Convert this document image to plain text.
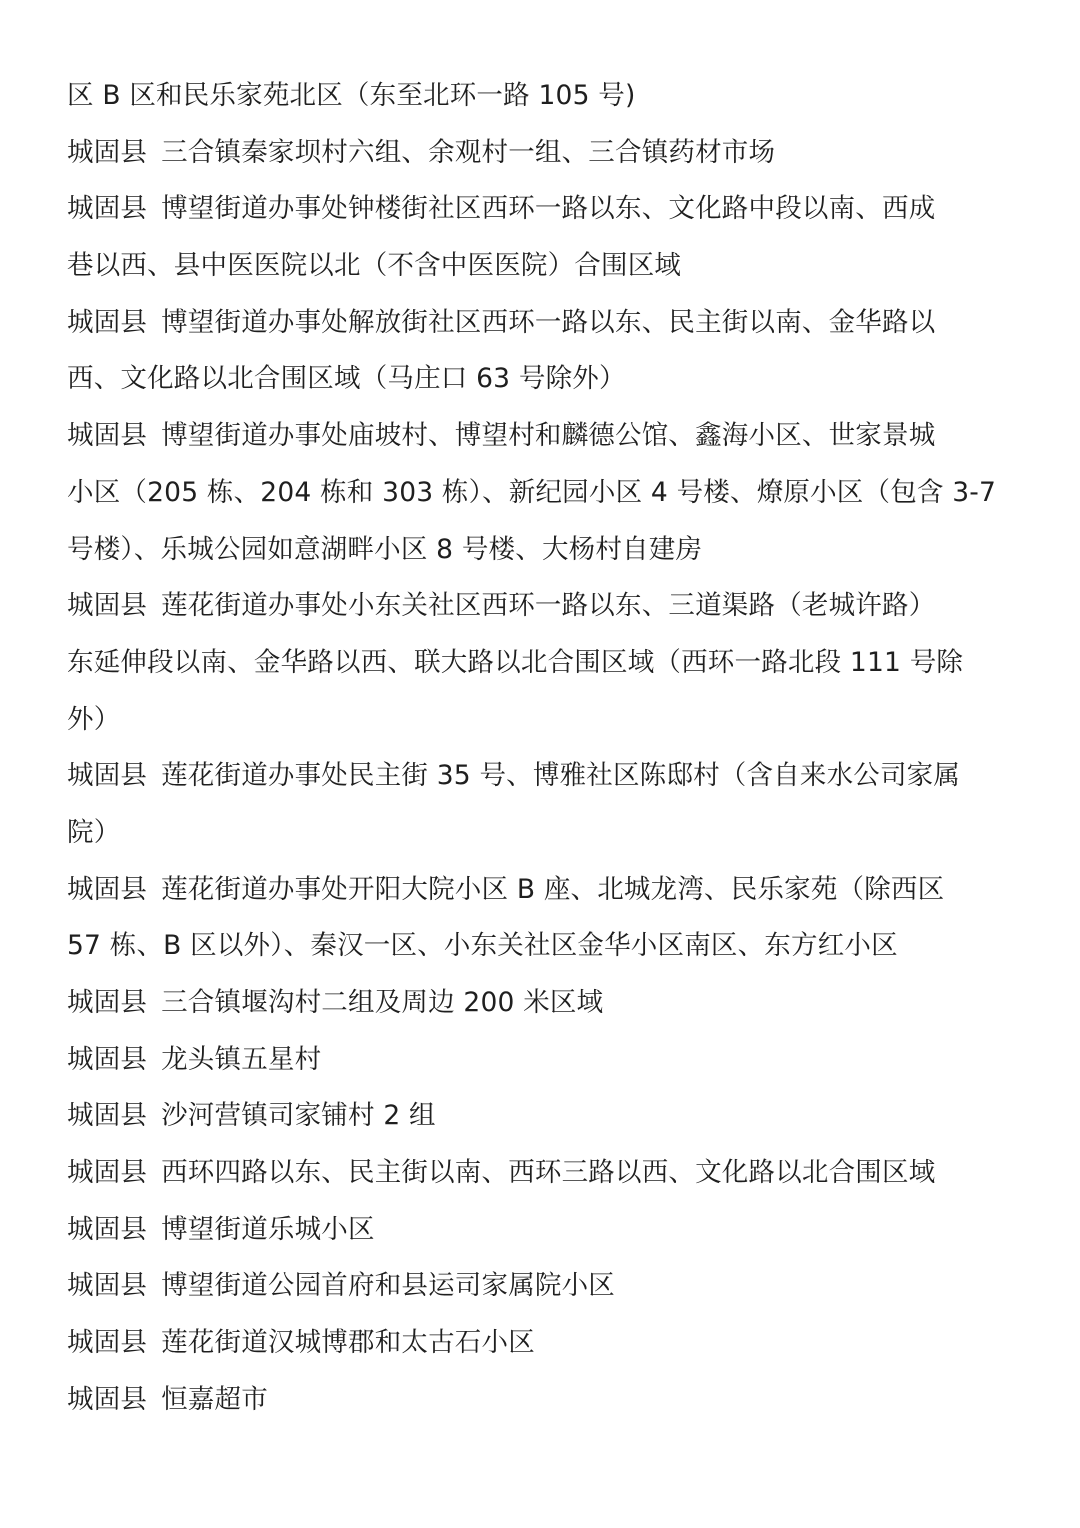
区 B 区和民乐家苑北区（东至北环一路 105 号)
城固县 三合镇秦家坝村六组、余观村一组、三合镇药材市场
城固县 博望街道办事处钟楼街社区西环一路以东、文化路中段以南、西成
巷以西、县中医医院以北（不含中医医院）合围区域
城固县 博望街道办事处解放街社区西环一路以东、民主街以南、金华路以
西、文化路以北合围区域（马庄口 63 号除外）
城固县 博望街道办事处庙坡村、博望村和麟德公馆、鑫海小区、世家景城
小区（205 栋、204 栋和 303 栋）、新纪园小区 4 号楼、燎原小区（包含 3-7
号楼）、乐城公园如意湖畔小区 8 号楼、大杨村自建房
城固县 莲花街道办事处小东关社区西环一路以东、三道渠路（老城许路）
东延伸段以南、金华路以西、联大路以北合围区域（西环一路北段 111 号除
外）
城固县 莲花街道办事处民主街 35 号、博雅社区陈邸村（含自来水公司家属
院）
城固县 莲花街道办事处开阳大院小区 B 座、北城龙湾、民乐家苑（除西区
57 栋、B 区以外）、秦汉一区、小东关社区金华小区南区、东方红小区
城固县 三合镇堰沟村二组及周边 200 米区域
城固县 龙头镇五星村
城固县 沙河营镇司家铺村 2 组
城固县 西环四路以东、民主街以南、西环三路以西、文化路以北合围区域
城固县 博望街道乐城小区
城固县 博望街道公园首府和县运司家属院小区
城固县 莲花街道汉城博郡和太古石小区
城固县 恒嘉超市
